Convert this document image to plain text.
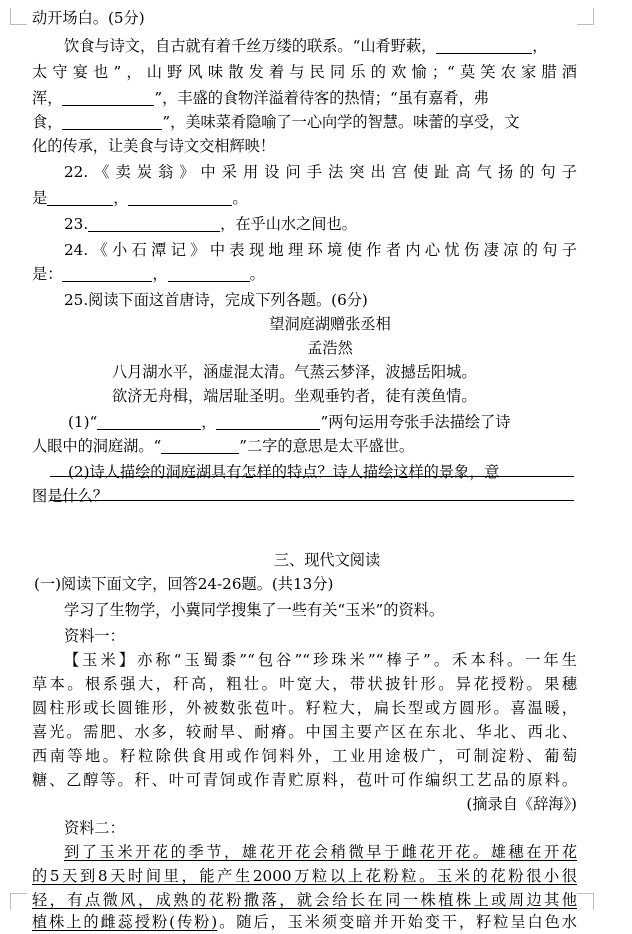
动开场白。(5分)
饮食与诗文，自古就有着千丝万缕的联系。“山肴野蔌，	，
太守宴也”，山野风味散发着与民同乐的欢愉；“莫笑农家腊酒
浑，	”，丰盛的食物洋溢着待客的热情；“虽有嘉肴，弗
食，	”，美味菜肴隐喻了一心向学的智慧。味蕾的享受，文
化的传承，让美食与诗文交相辉映！
22.《卖炭翁》中采用设问手法突出宫使趾高气扬的句子
是	，	。
23.	，在乎山水之间也。
24.《小石潭记》中表现地理环境使作者内心忧伤凄凉的句子
是：	，	。
25.阅读下面这首唐诗，完成下列各题。(6分)
望洞庭湖赠张丞相
孟浩然
八月湖水平，涵虚混太清。气蒸云梦泽，波撼岳阳城。
欲济无舟楫，端居耻圣明。坐观垂钓者，徒有羡鱼情。
(1)“	，	”两句运用夸张手法描绘了诗
人眼中的洞庭湖。“	”二字的意思是太平盛世。
(2)诗人描绘的洞庭湖具有怎样的特点？诗人描绘这样的景象，意
图是什么？
三、现代文阅读
(一)阅读下面文字，回答24-26题。(共13分)
学习了生物学，小冀同学搜集了一些有关“玉米”的资料。
资料一：
【玉米】亦称“玉蜀黍”“包谷”“珍珠米”“棒子”。禾本科。一年生
草本。根系强大，秆高，粗壮。叶宽大，带状披针形。异花授粉。果穗
圆柱形或长圆锥形，外被数张苞叶。籽粒大，扁长型或方圆形。喜温暖，
喜光。需肥、水多，较耐旱、耐瘠。中国主要产区在东北、华北、西北、
西南等地。籽粒除供食用或作饲料外，工业用途极广，可制淀粉、葡萄
糖、乙醇等。秆、叶可青饲或作青贮原料，苞叶可作编织工艺品的原料。
(摘录自《辞海》)
资料二：
到了玉米开花的季节，雄花开花会稍微早于雌花开花。雄穗在开花
的5天到8天时间里，能产生2000万粒以上花粉粒。玉米的花粉很小很
轻，有点微风，成熟的花粉撒落，就会给长在同一株植株上或周边其他
植株上的雌蕊授粉(传粉)。随后，玉米须变暗并开始变干，籽粒呈白色水
